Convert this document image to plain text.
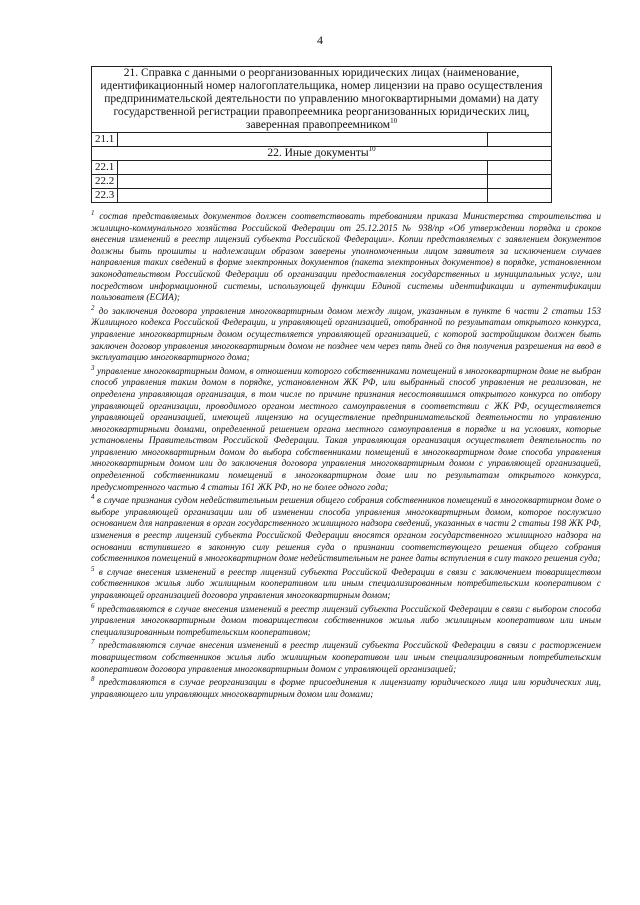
4
21. Справка с данными о реорганизованных юридических лицах (наименование, идентификационный номер налогоплательщика, номер лицензии на право осуществления предпринимательской деятельности по управлению многоквартирными домами) на дату государственной регистрации правопреемника реорганизованных юридических лиц, заверенная правопреемником$^{10}$
21.1		
22. Иные документы$^{10}$
22.1		
22.2		
22.3		
$^1$ состав представляемых документов должен соответствовать требованиям приказа Министерства строительства и жилищно-коммунального хозяйства Российской Федерации от 25.12.2015 № 938/пр «Об утверждении порядка и сроков внесения изменений в реестр лицензий субъекта Российской Федерации». Копии представляемых с заявлением документов должны быть прошиты и надлежащим образом заверены уполномоченным лицом заявителя за исключением случаев направления таких сведений в форме электронных документов (пакета электронных документов) в порядке, установленном законодательством Российской Федерации об организации предоставления государственных и муниципальных услуг, или посредством информационной системы, использующей функции Единой системы идентификации и аутентификации пользователя (ЕСИА);
$^2$ до заключения договора управления многоквартирным домом между лицом, указанным в пункте 6 части 2 статьи 153 Жилищного кодекса Российской Федерации, и управляющей организацией, отобранной по результатам открытого конкурса, управление многоквартирным домом осуществляется управляющей организацией, с которой застройщиком должен быть заключен договор управления многоквартирным домом не позднее чем через пять дней со дня получения разрешения на ввод в эксплуатацию многоквартирного дома;
$^3$ управление многоквартирным домом, в отношении которого собственниками помещений в многоквартирном доме не выбран способ управления таким домом в порядке, установленном ЖК РФ, или выбранный способ управления не реализован, не определена управляющая организация, в том числе по причине признания несостоявшимся открытого конкурса по отбору управляющей организации, проводимого органом местного самоуправления в соответствии с ЖК РФ, осуществляется управляющей организацией, имеющей лицензию на осуществление предпринимательской деятельности по управлению многоквартирными домами, определенной решением органа местного самоуправления в порядке и на условиях, которые установлены Правительством Российской Федерации. Такая управляющая организация осуществляет деятельность по управлению многоквартирным домом до выбора собственниками помещений в многоквартирном доме способа управления многоквартирным домом или до заключения договора управления многоквартирным домом с управляющей организацией, определенной собственниками помещений в многоквартирном доме или по результатам открытого конкурса, предусмотренного частью 4 статьи 161 ЖК РФ, но не более одного года;
$^4$ в случае признания судом недействительным решения общего собрания собственников помещений в многоквартирном доме о выборе управляющей организации или об изменении способа управления многоквартирным домом, которое послужило основанием для направления в орган государственного жилищного надзора сведений, указанных в части 2 статьи 198 ЖК РФ, изменения в реестр лицензий субъекта Российской Федерации вносятся органом государственного жилищного надзора на основании вступившего в законную силу решения суда о признании соответствующего решения общего собрания собственников помещений в многоквартирном доме недействительным не ранее даты вступления в силу такого решения суда;
$^5$ в случае внесения изменений в реестр лицензий субъекта Российской Федерации в связи с заключением товариществом собственников жилья либо жилищным кооперативом или иным специализированным потребительским кооперативом с управляющей организацией договора управления многоквартирным домом;
$^6$ представляются в случае внесения изменений в реестр лицензий субъекта Российской Федерации в связи с выбором способа управления многоквартирным домом товариществом собственников жилья либо жилищным кооперативом или иным специализированным потребительским кооперативом;
$^7$ представляются случае внесения изменений в реестр лицензий субъекта Российской Федерации в связи с расторжением товариществом собственников жилья либо жилищным кооперативом или иным специализированным потребительским кооперативом договора управления многоквартирным домом с управляющей организацией;
$^8$ представляются в случае реорганизации в форме присоединения к лицензиату юридического лица или юридических лиц, управляющего или управляющих многоквартирным домом или домами;
